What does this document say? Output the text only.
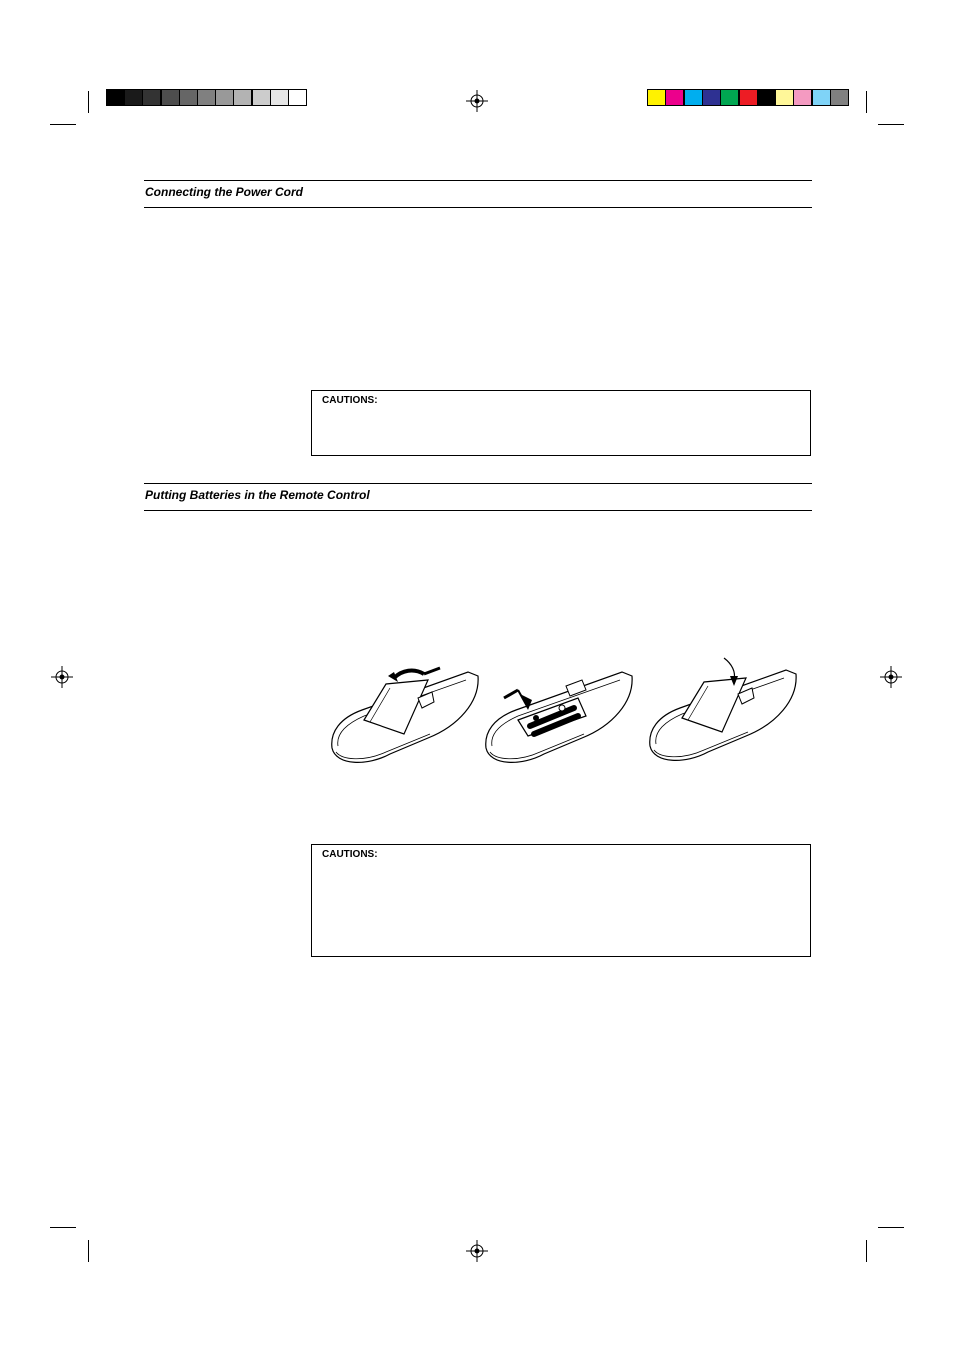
Connecting the Power Cord
CAUTIONS:
Putting Batteries in the Remote Control
CAUTIONS:
